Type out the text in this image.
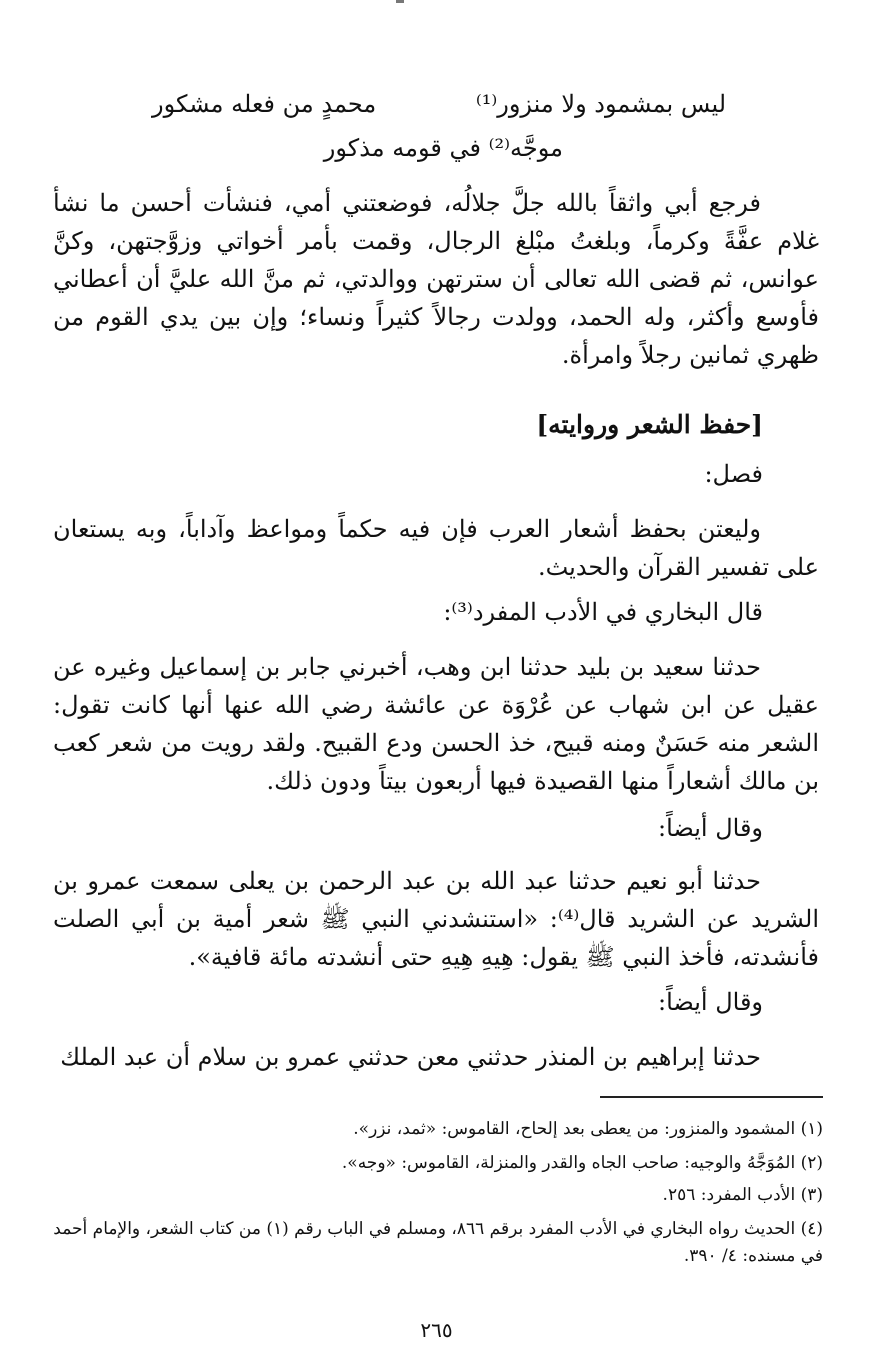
ليس بمشمود ولا منزور⁽¹⁾
محمدٍ من فعله مشكور
موجَّه⁽²⁾ في قومه مذكور
فرجع أبي واثقاً بالله جلَّ جلالُه، فوضعتني أمي، فنشأت أحسن ما نشأ غلام عفَّةً وكرماً، وبلغتُ مبْلغ الرجال، وقمت بأمر أخواتي وزوَّجتهن، وكنَّ عوانس، ثم قضى الله تعالى أن سترتهن ووالدتي، ثم منَّ الله عليَّ أن أعطاني فأوسع وأكثر، وله الحمد، وولدت رجالاً كثيراً ونساء؛ وإن بين يدي القوم من ظهري ثمانين رجلاً وامرأة.
[حفظ الشعر وروايته]
فصل:
وليعتن بحفظ أشعار العرب فإن فيه حكماً ومواعظ وآداباً، وبه يستعان على تفسير القرآن والحديث.
قال البخاري في الأدب المفرد⁽³⁾:
حدثنا سعيد بن بليد حدثنا ابن وهب، أخبرني جابر بن إسماعيل وغيره عن عقيل عن ابن شهاب عن عُرْوَة عن عائشة رضي الله عنها أنها كانت تقول: الشعر منه حَسَنٌ ومنه قبيح، خذ الحسن ودع القبيح. ولقد رويت من شعر كعب بن مالك أشعاراً منها القصيدة فيها أربعون بيتاً ودون ذلك.
وقال أيضاً:
حدثنا أبو نعيم حدثنا عبد الله بن عبد الرحمن بن يعلى سمعت عمرو بن الشريد عن الشريد قال⁽⁴⁾: «استنشدني النبي ﷺ شعر أمية بن أبي الصلت فأنشدته، فأخذ النبي ﷺ يقول: هِيهِ هِيهِ حتى أنشدته مائة قافية».
وقال أيضاً:
حدثنا إبراهيم بن المنذر حدثني معن حدثني عمرو بن سلام أن عبد الملك
(١) المشمود والمنزور: من يعطى بعد إلحاح، القاموس: «ثمد، نزر».
(٢) المُوَجَّهُ والوجيه: صاحب الجاه والقدر والمنزلة، القاموس: «وجه».
(٣) الأدب المفرد: ٢٥٦.
(٤) الحديث رواه البخاري في الأدب المفرد برقم ٨٦٦، ومسلم في الباب رقم (١) من كتاب الشعر، والإمام أحمد في مسنده: ٤/ ٣٩٠.
٢٦٥
